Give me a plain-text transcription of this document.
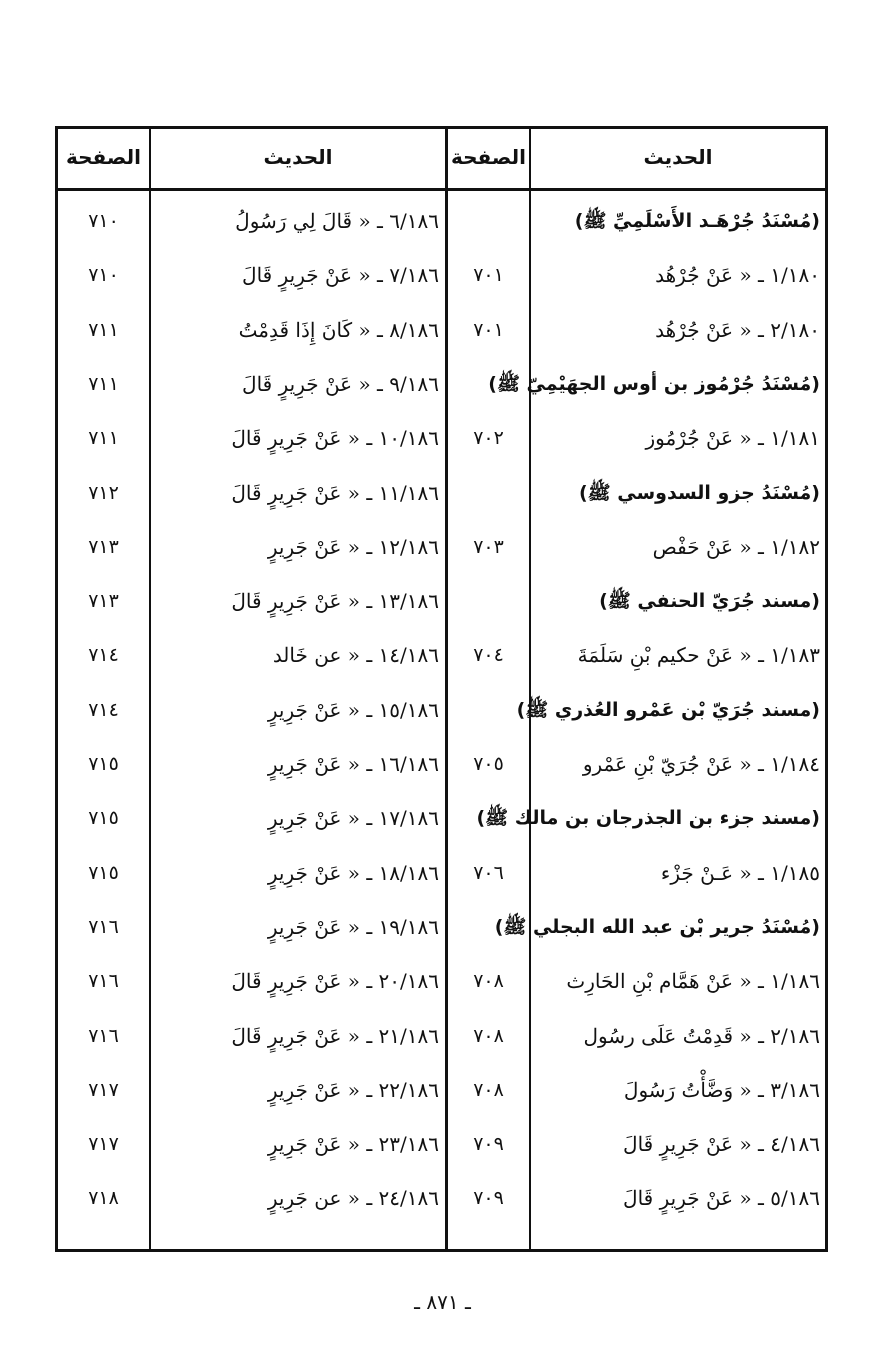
الحديث
الصفحة
الحديث
الصفحة
(مُسْنَدُ جُرْهَـد الأَسْلَمِيِّ ﷺ)
١/١٨٠ ـ « عَنْ جُرْهُد
٧٠١
٢/١٨٠ ـ « عَنْ جُرْهُد
٧٠١
(مُسْنَدُ جُرْمُوز بن أوس الجهَيْمِيّ ﷺ)
١/١٨١ ـ « عَنْ جُرْمُوز
٧٠٢
(مُسْنَدُ جزو السدوسي ﷺ)
١/١٨٢ ـ « عَنْ حَفْص
٧٠٣
(مسند جُرَيّ الحنفي ﷺ)
١/١٨٣ ـ « عَنْ حكيم بْنِ سَلَمَةَ
٧٠٤
(مسند جُرَيّ بْن عَمْرو العُذري ﷺ)
١/١٨٤ ـ « عَنْ جُرَيّ بْنِ عَمْرو
٧٠٥
(مسند جزء بن الجذرجان بن مالك ﷺ)
١/١٨٥ ـ « عَـنْ جَزْء
٧٠٦
(مُسْنَدُ جرير بْن عبد الله البجلي ﷺ)
١/١٨٦ ـ « عَنْ هَمَّام بْنِ الحَارِث
٧٠٨
٢/١٨٦ ـ « قَدِمْتُ عَلَى رسُول
٧٠٨
٣/١٨٦ ـ « وَضَّأْتُ رَسُولَ
٧٠٨
٤/١٨٦ ـ « عَنْ جَرِيرٍ قَالَ
٧٠٩
٥/١٨٦ ـ « عَنْ جَرِيرٍ قَالَ
٧٠٩
٦/١٨٦ ـ « قَالَ لِي رَسُولُ
٧١٠
٧/١٨٦ ـ « عَنْ جَرِيرٍ قَالَ
٧١٠
٨/١٨٦ ـ « كَانَ إِذَا قَدِمْتُ
٧١١
٩/١٨٦ ـ « عَنْ جَرِيرٍ قَالَ
٧١١
١٠/١٨٦ ـ « عَنْ جَرِيرٍ قَالَ
٧١١
١١/١٨٦ ـ « عَنْ جَرِيرٍ قَالَ
٧١٢
١٢/١٨٦ ـ « عَنْ جَرِيرٍ
٧١٣
١٣/١٨٦ ـ « عَنْ جَرِيرٍ قَالَ
٧١٣
١٤/١٨٦ ـ « عن خَالد
٧١٤
١٥/١٨٦ ـ « عَنْ جَرِيرٍ
٧١٤
١٦/١٨٦ ـ « عَنْ جَرِيرٍ
٧١٥
١٧/١٨٦ ـ « عَنْ جَرِيرٍ
٧١٥
١٨/١٨٦ ـ « عَنْ جَرِيرٍ
٧١٥
١٩/١٨٦ ـ « عَنْ جَرِيرٍ
٧١٦
٢٠/١٨٦ ـ « عَنْ جَرِيرٍ قَالَ
٧١٦
٢١/١٨٦ ـ « عَنْ جَرِيرٍ قَالَ
٧١٦
٢٢/١٨٦ ـ « عَنْ جَرِيرٍ
٧١٧
٢٣/١٨٦ ـ « عَنْ جَرِيرٍ
٧١٧
٢٤/١٨٦ ـ « عن جَرِيرٍ
٧١٨
ـ ٨٧١ ـ
